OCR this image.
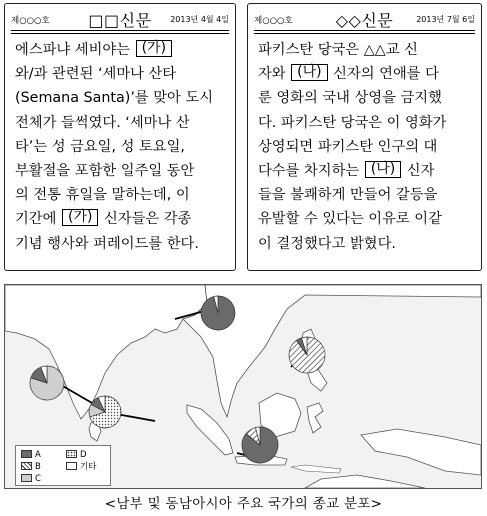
제○○○호	□□신문	2013년 4월 4일
에스파냐 세비야는 (가)
와/과 관련된 ‘세마나 산타
(Semana Santa)’를 맞아 도시
전체가 들썩였다. ‘세마나 산
타’는 성 금요일, 성 토요일,
부활절을 포함한 일주일 동안
의 전통 휴일을 말하는데, 이
기간에 (가) 신자들은 각종
기념 행사와 퍼레이드를 한다.
제○○○호	◇◇신문	2013년 7월 6일
파키스탄 당국은 △△교 신
자와 (나) 신자의 연애를 다
룬 영화의 국내 상영을 금지했
다. 파키스탄 당국은 이 영화가
상영되면 파키스탄 인구의 대
다수를 차지하는 (나) 신자
들을 불쾌하게 만들어 갈등을
유발할 수 있다는 이유로 이같
이 결정했다고 밝혔다.
A
B
C
D
기타
<남부 및 동남아시아 주요 국가의 종교 분포>
